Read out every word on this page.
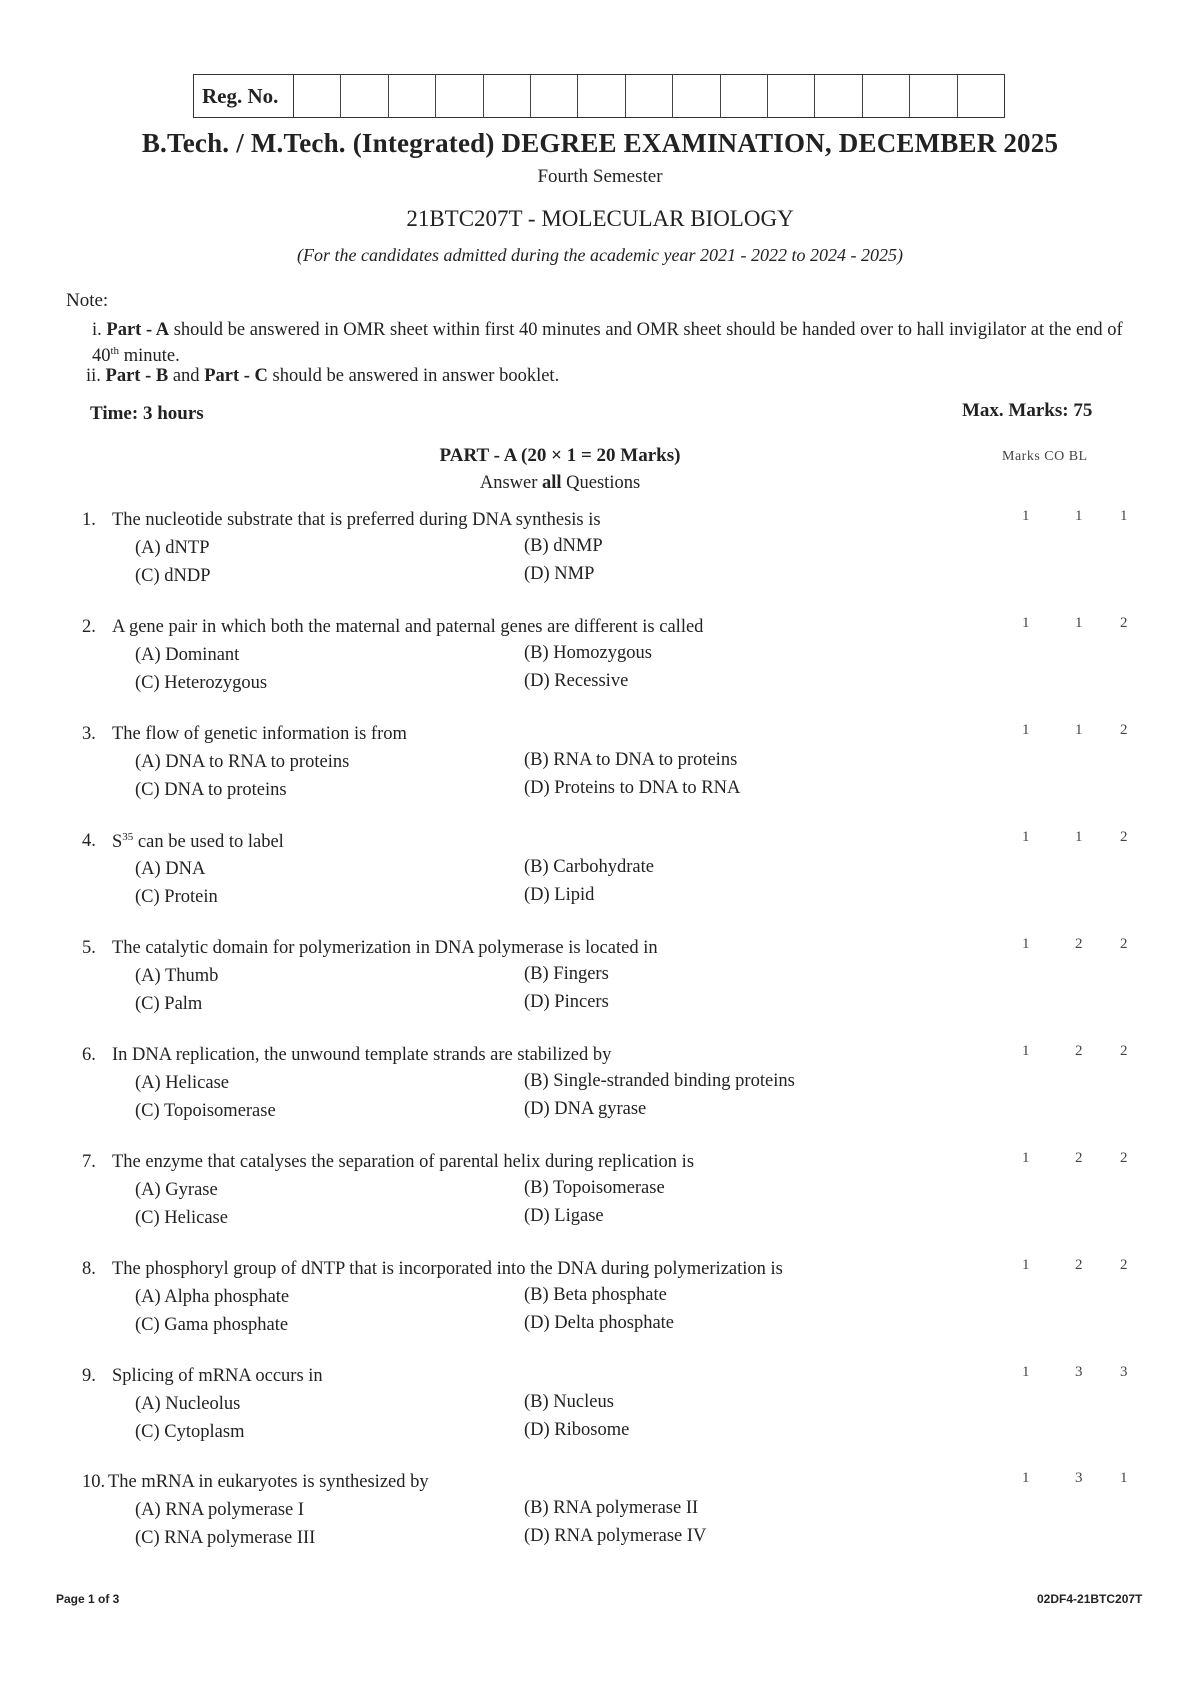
Reg. No.
B.Tech. / M.Tech. (Integrated) DEGREE EXAMINATION, DECEMBER 2025
Fourth Semester
21BTC207T - MOLECULAR BIOLOGY
(For the candidates admitted during the academic year 2021 - 2022 to 2024 - 2025)
Note:
i. Part - A should be answered in OMR sheet within first 40 minutes and OMR sheet should be handed over to hall invigilator at the end of 40th minute.
ii. Part - B and Part - C should be answered in answer booklet.
Time: 3 hours	Max. Marks: 75
PART - A (20 × 1 = 20 Marks)
Answer all Questions
Marks CO BL
1. The nucleotide substrate that is preferred during DNA synthesis is
(A) dNTP	(B) dNMP
(C) dNDP	(D) NMP
1	1	1
2. A gene pair in which both the maternal and paternal genes are different is called
(A) Dominant	(B) Homozygous
(C) Heterozygous	(D) Recessive
1	1	2
3. The flow of genetic information is from
(A) DNA to RNA to proteins	(B) RNA to DNA to proteins
(C) DNA to proteins	(D) Proteins to DNA to RNA
1	1	2
4. $S^{35}$ can be used to label
(A) DNA	(B) Carbohydrate
(C) Protein	(D) Lipid
1	1	2
5. The catalytic domain for polymerization in DNA polymerase is located in
(A) Thumb	(B) Fingers
(C) Palm	(D) Pincers
1	2	2
6. In DNA replication, the unwound template strands are stabilized by
(A) Helicase	(B) Single-stranded binding proteins
(C) Topoisomerase	(D) DNA gyrase
1	2	2
7. The enzyme that catalyses the separation of parental helix during replication is
(A) Gyrase	(B) Topoisomerase
(C) Helicase	(D) Ligase
1	2	2
8. The phosphoryl group of dNTP that is incorporated into the DNA during polymerization is
(A) Alpha phosphate	(B) Beta phosphate
(C) Gama phosphate	(D) Delta phosphate
1	2	2
9. Splicing of mRNA occurs in
(A) Nucleolus	(B) Nucleus
(C) Cytoplasm	(D) Ribosome
1	3	3
10. The mRNA in eukaryotes is synthesized by
(A) RNA polymerase I	(B) RNA polymerase II
(C) RNA polymerase III	(D) RNA polymerase IV
1	3	1
Page 1 of 3	02DF4-21BTC207T
